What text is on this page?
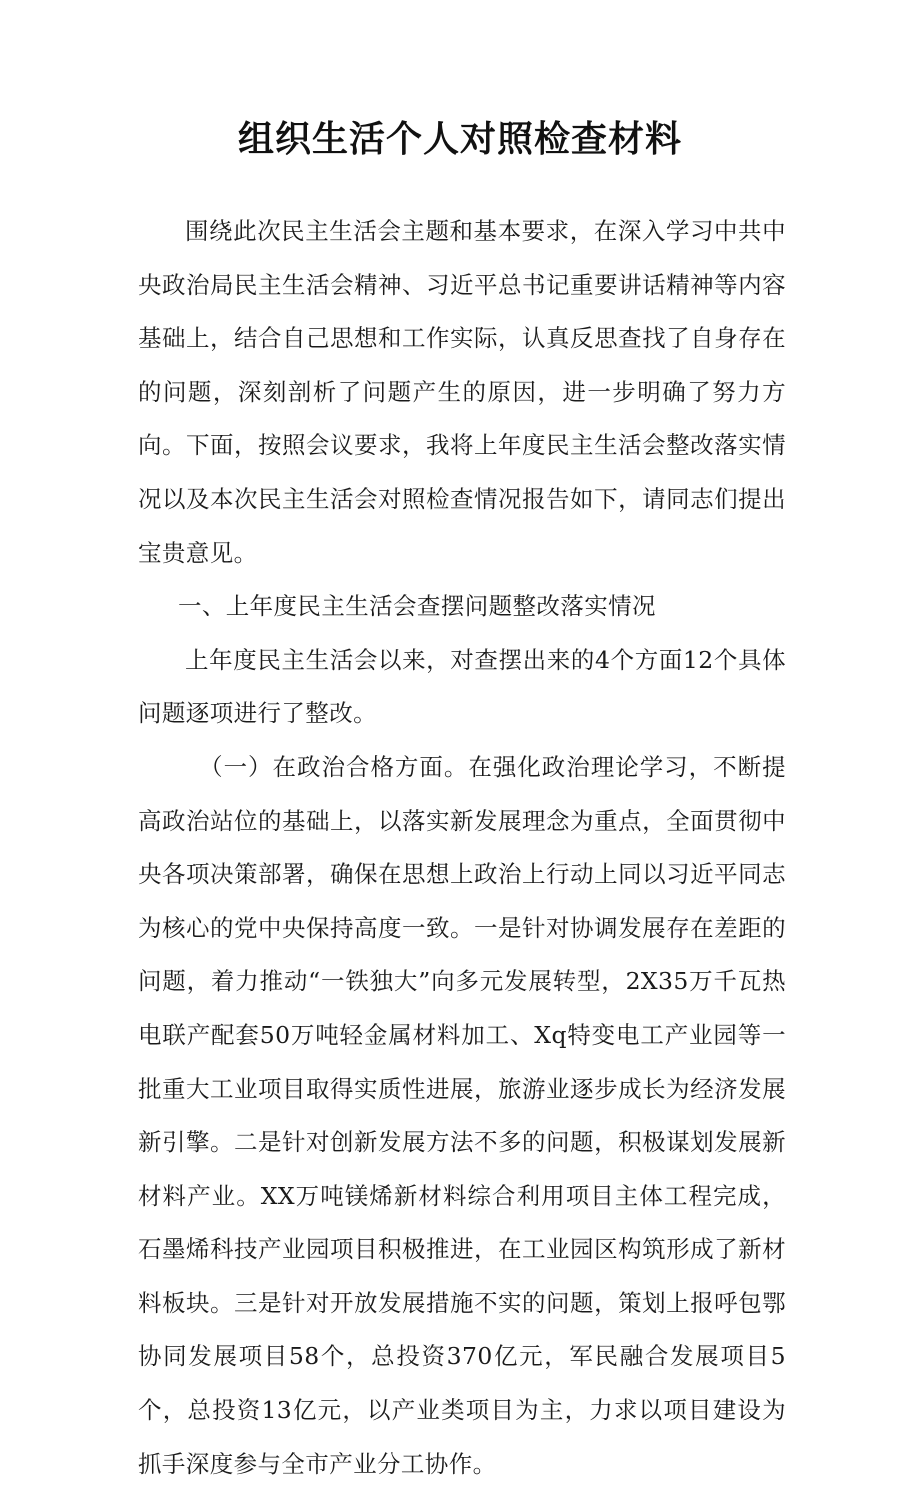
组织生活个人对照检查材料

围绕此次民主生活会主题和基本要求，在深入学习中共中央政治局民主生活会精神、习近平总书记重要讲话精神等内容基础上，结合自己思想和工作实际，认真反思查找了自身存在的问题，深刻剖析了问题产生的原因，进一步明确了努力方向。下面，按照会议要求，我将上年度民主生活会整改落实情况以及本次民主生活会对照检查情况报告如下，请同志们提出宝贵意见。

一、上年度民主生活会查摆问题整改落实情况

上年度民主生活会以来，对查摆出来的4个方面12个具体问题逐项进行了整改。

（一）在政治合格方面。在强化政治理论学习，不断提高政治站位的基础上，以落实新发展理念为重点，全面贯彻中央各项决策部署，确保在思想上政治上行动上同以习近平同志为核心的党中央保持高度一致。一是针对协调发展存在差距的问题，着力推动“一铁独大”向多元发展转型，2X35万千瓦热电联产配套50万吨轻金属材料加工、Xq特变电工产业园等一批重大工业项目取得实质性进展，旅游业逐步成长为经济发展新引擎。二是针对创新发展方法不多的问题，积极谋划发展新材料产业。XX万吨镁烯新材料综合利用项目主体工程完成，石墨烯科技产业园项目积极推进，在工业园区构筑形成了新材料板块。三是针对开放发展措施不实的问题，策划上报呼包鄂协同发展项目58个，总投资370亿元，军民融合发展项目5个，总投资13亿元，以产业类项目为主，力求以项目建设为抓手深度参与全市产业分工协作。
